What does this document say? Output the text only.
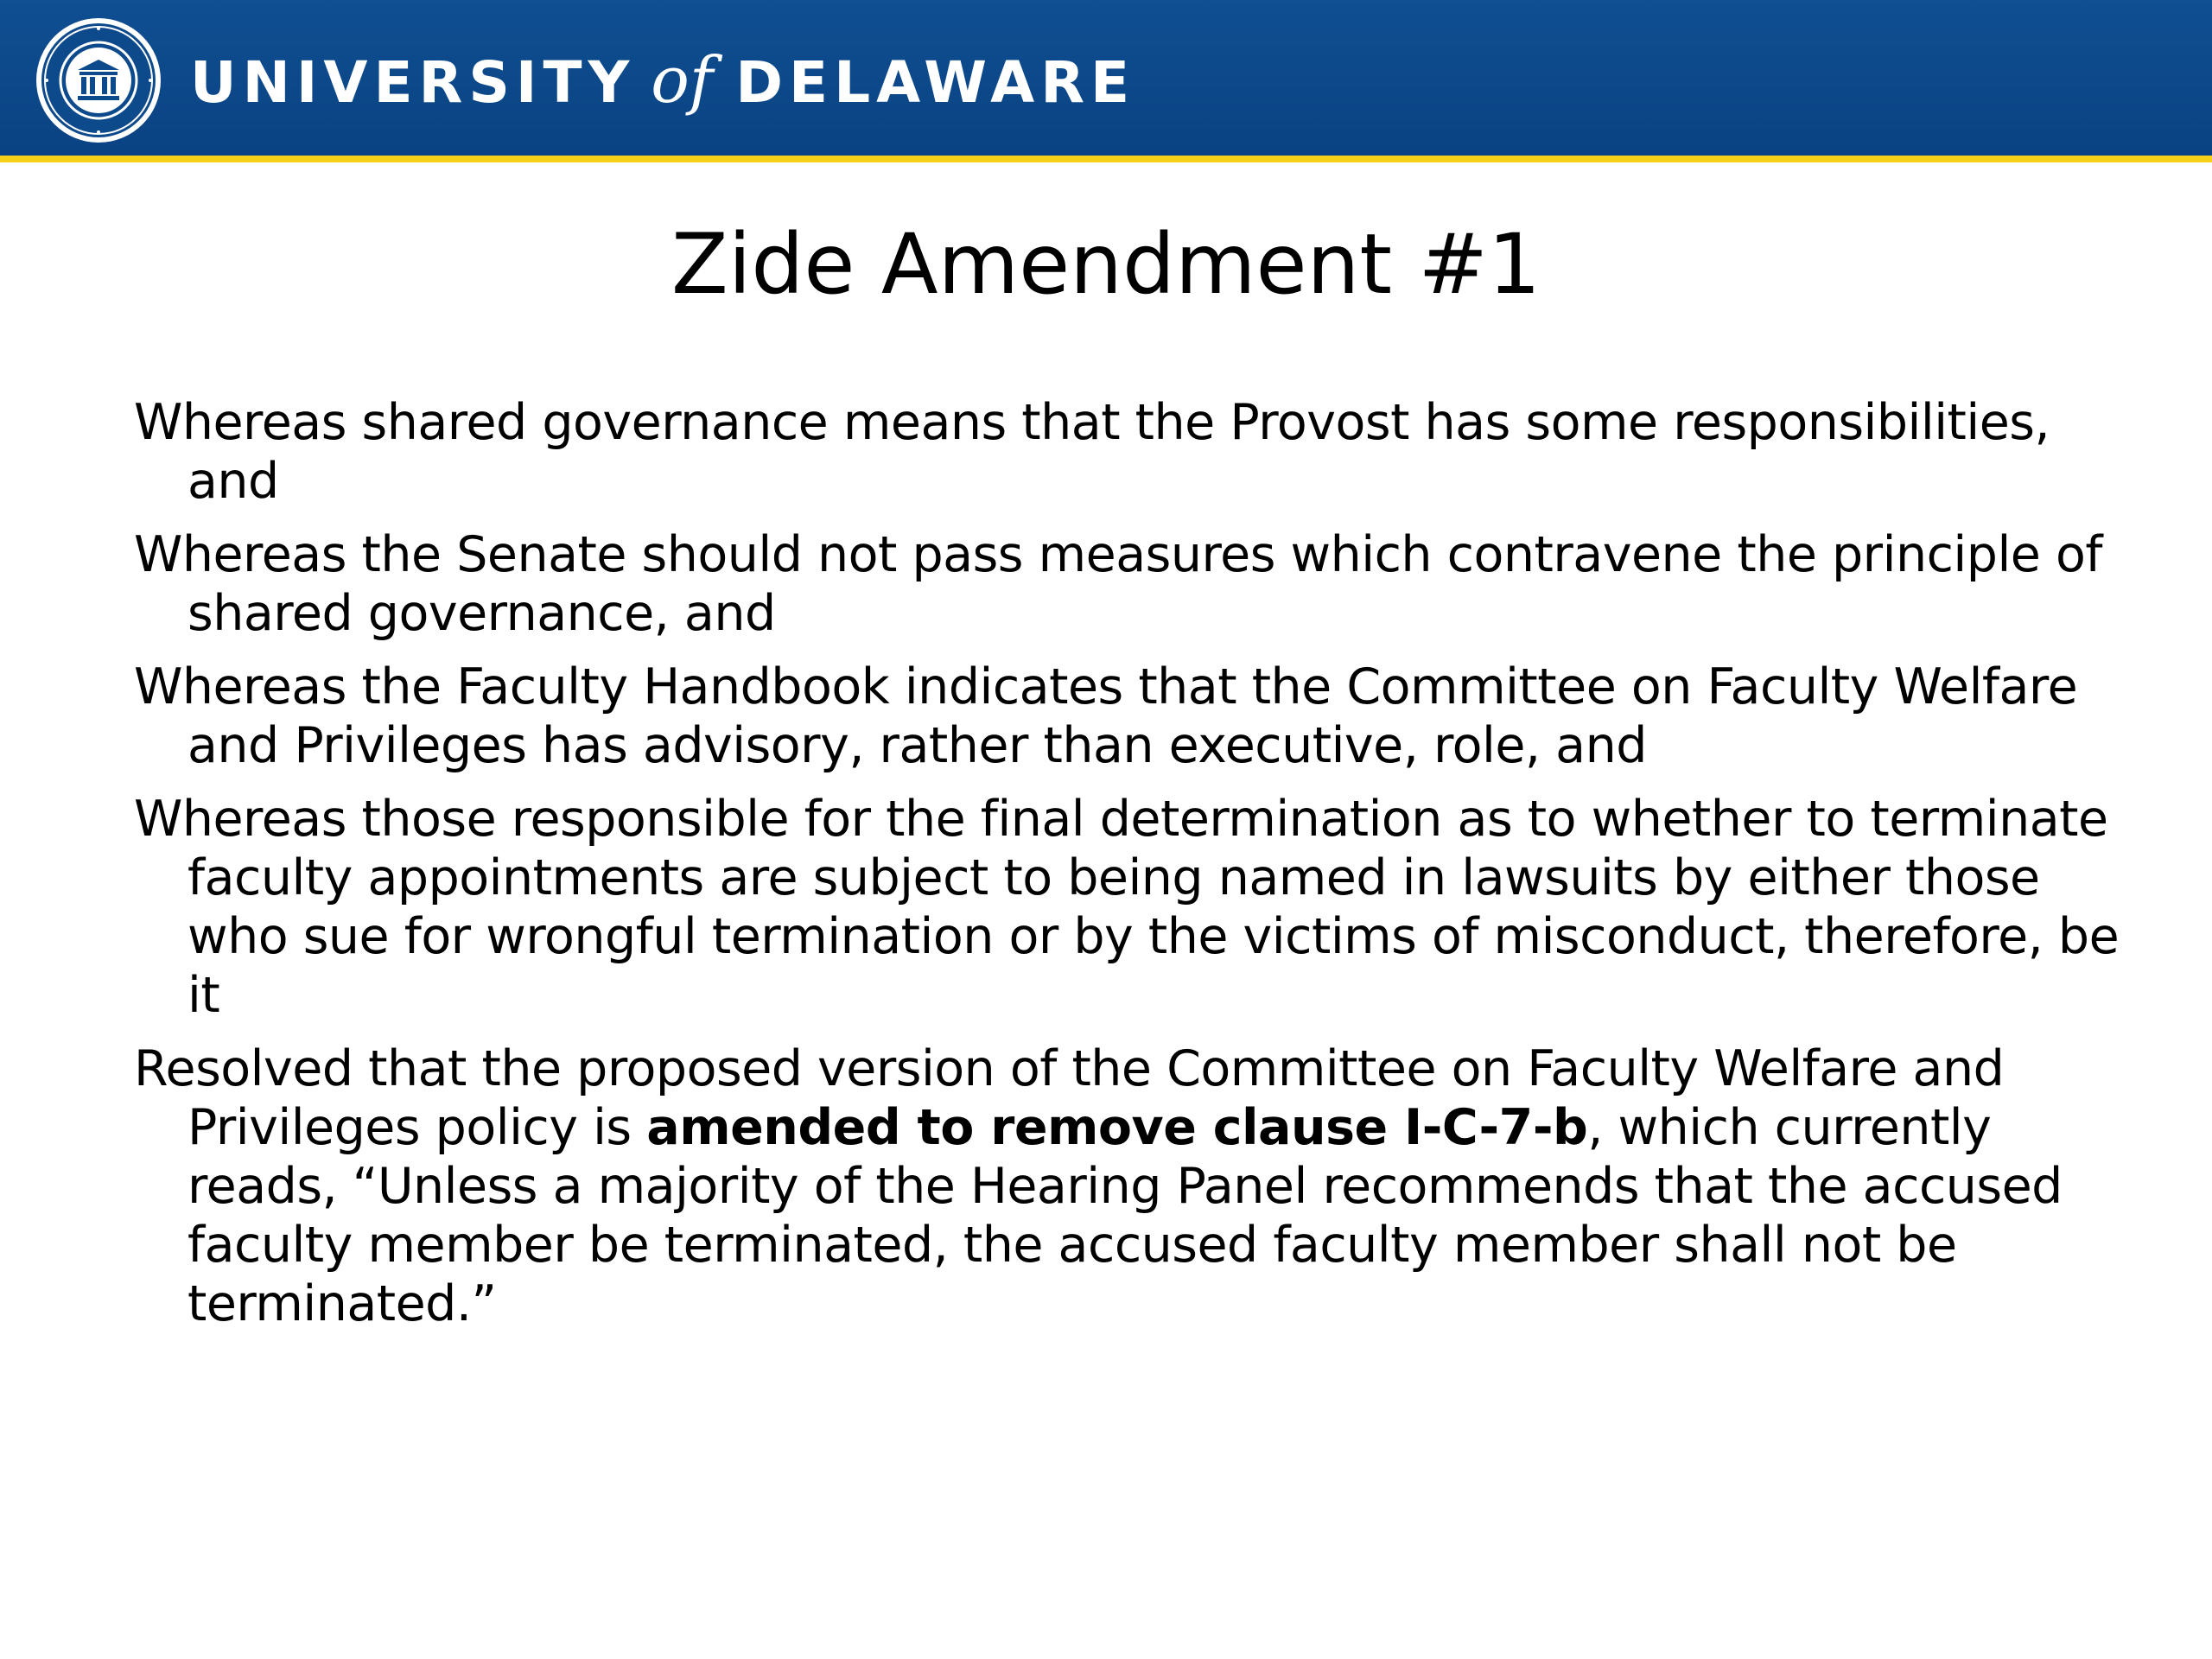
UNIVERSITY of DELAWARE
Zide Amendment #1

Whereas shared governance means that the Provost has some responsibilities, and

Whereas the Senate should not pass measures which contravene the principle of shared governance, and

Whereas the Faculty Handbook indicates that the Committee on Faculty Welfare and Privileges has advisory, rather than executive, role, and

Whereas those responsible for the final determination as to whether to terminate faculty appointments are subject to being named in lawsuits by either those who sue for wrongful termination or by the victims of misconduct, therefore, be it

Resolved that the proposed version of the Committee on Faculty Welfare and Privileges policy is amended to remove clause I-C-7-b, which currently reads, “Unless a majority of the Hearing Panel recommends that the accused faculty member be terminated, the accused faculty member shall not be terminated.”
